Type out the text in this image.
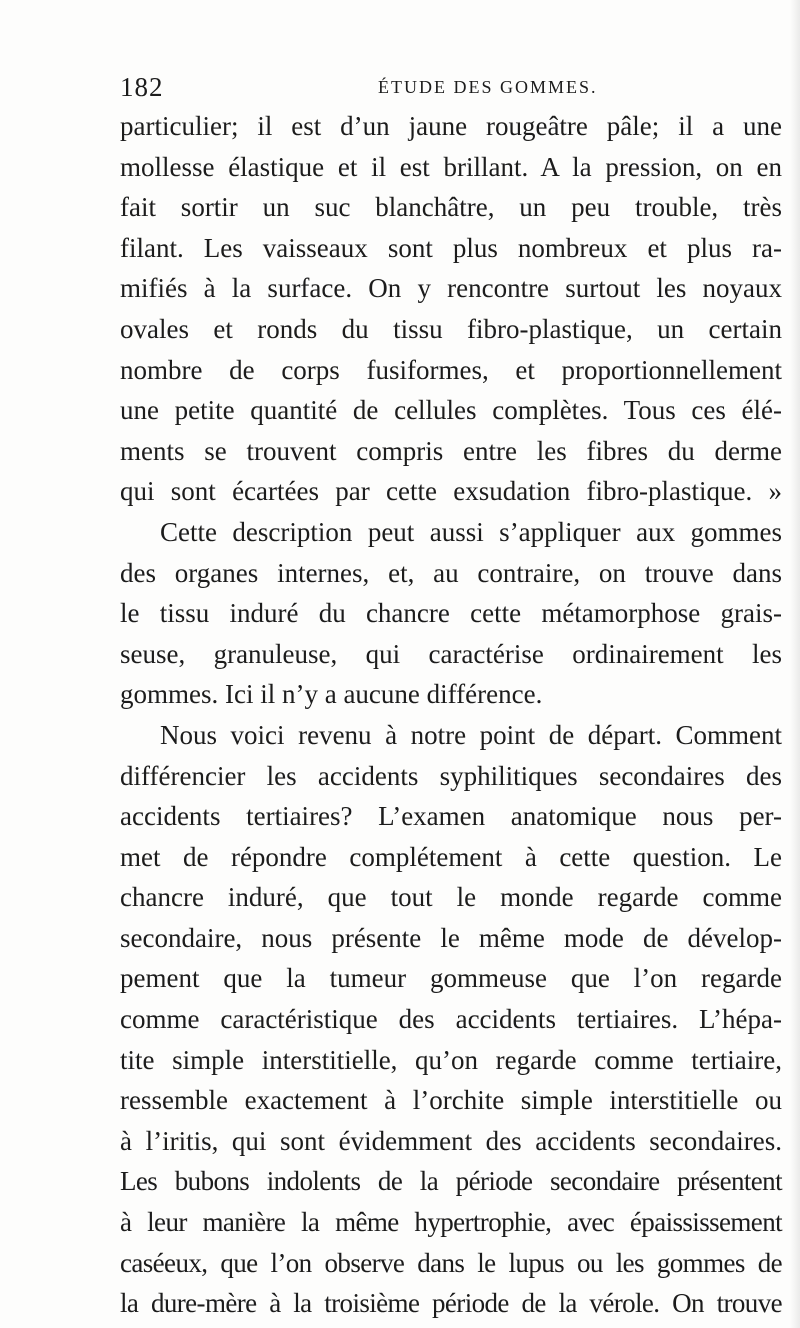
182	ÉTUDE DES GOMMES.
particulier; il est d’un jaune rougeâtre pâle; il a une
mollesse élastique et il est brillant. A la pression, on en
fait sortir un suc blanchâtre, un peu trouble, très
filant. Les vaisseaux sont plus nombreux et plus ra-
mifiés à la surface. On y rencontre surtout les noyaux
ovales et ronds du tissu fibro-plastique, un certain
nombre de corps fusiformes, et proportionnellement
une petite quantité de cellules complètes. Tous ces élé-
ments se trouvent compris entre les fibres du derme
qui sont écartées par cette exsudation fibro-plastique. »
Cette description peut aussi s’appliquer aux gommes
des organes internes, et, au contraire, on trouve dans
le tissu induré du chancre cette métamorphose grais-
seuse, granuleuse, qui caractérise ordinairement les
gommes. Ici il n’y a aucune différence.
Nous voici revenu à notre point de départ. Comment
différencier les accidents syphilitiques secondaires des
accidents tertiaires? L’examen anatomique nous per-
met de répondre complétement à cette question. Le
chancre induré, que tout le monde regarde comme
secondaire, nous présente le même mode de dévelop-
pement que la tumeur gommeuse que l’on regarde
comme caractéristique des accidents tertiaires. L’hépa-
tite simple interstitielle, qu’on regarde comme tertiaire,
ressemble exactement à l’orchite simple interstitielle ou
à l’iritis, qui sont évidemment des accidents secondaires.
Les bubons indolents de la période secondaire présentent
à leur manière la même hypertrophie, avec épaississement
caséeux, que l’on observe dans le lupus ou les gommes de
la dure-mère à la troisième période de la vérole. On trouve
